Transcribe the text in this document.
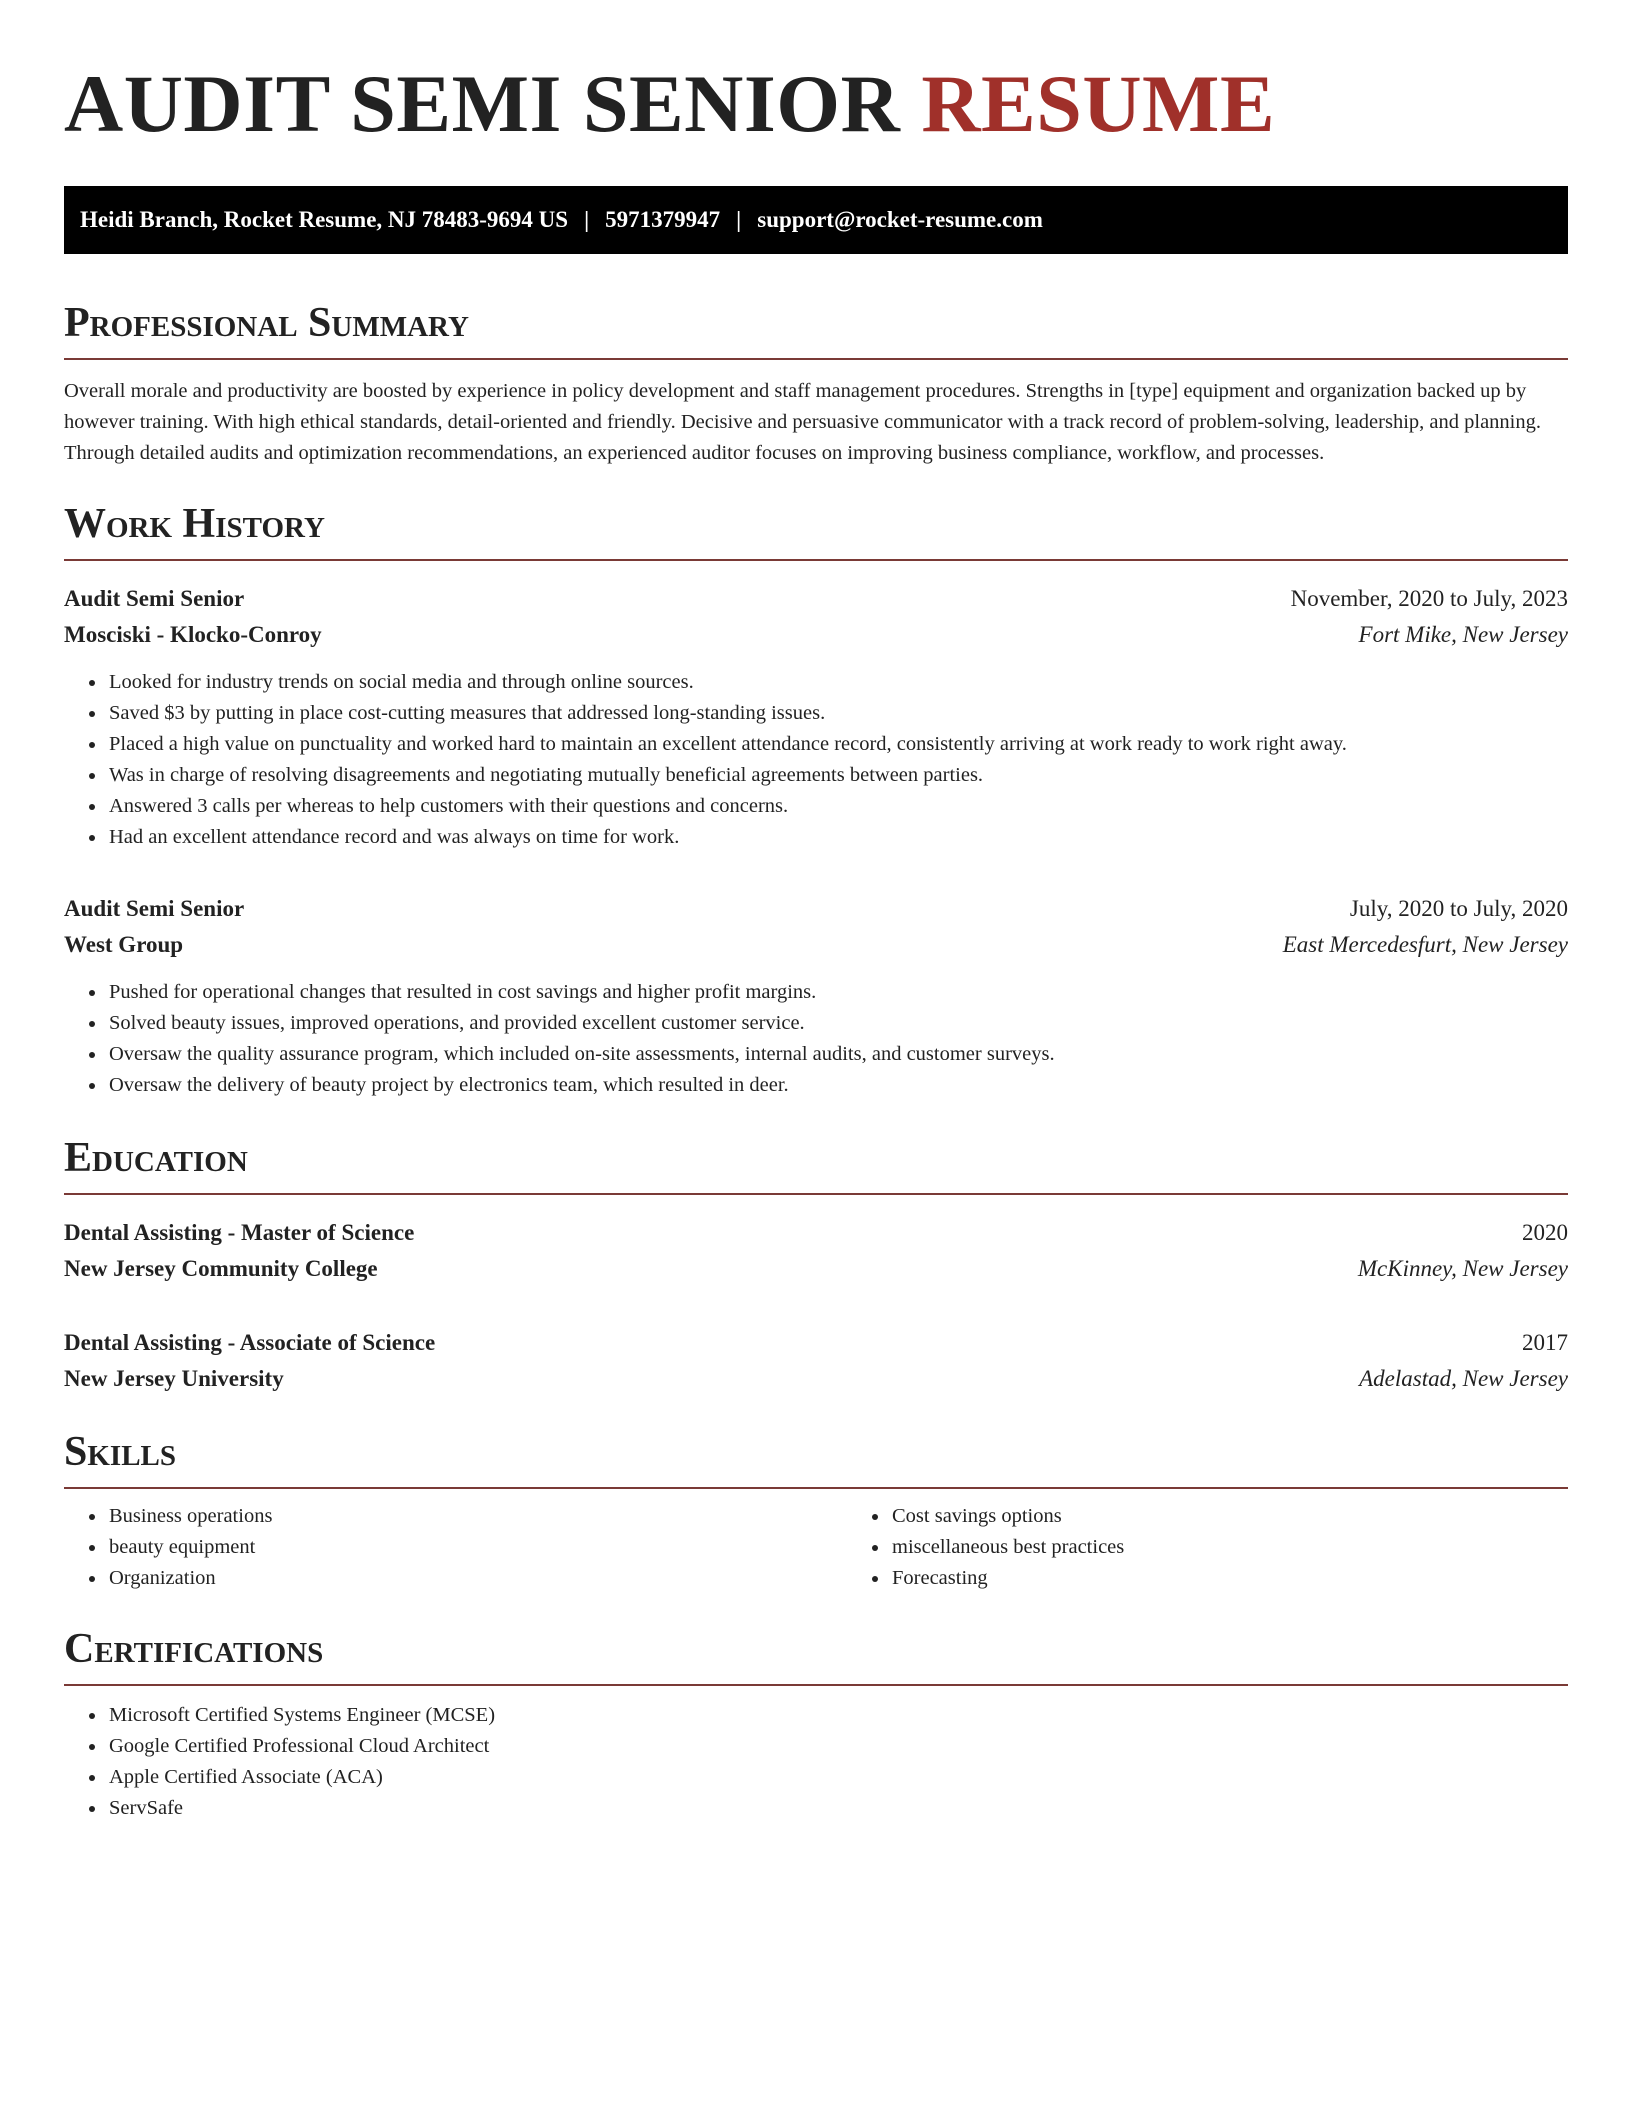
AUDIT SEMI SENIOR RESUME
Heidi Branch, Rocket Resume, NJ 78483-9694 US | 5971379947 | support@rocket-resume.com
Professional Summary

Overall morale and productivity are boosted by experience in policy development and staff management procedures. Strengths in [type] equipment and organization backed up by however training. With high ethical standards, detail-oriented and friendly. Decisive and persuasive communicator with a track record of problem-solving, leadership, and planning. Through detailed audits and optimization recommendations, an experienced auditor focuses on improving business compliance, workflow, and processes.

Work History
Audit Semi Senior	November, 2020 to July, 2023
Mosciski - Klocko-Conroy	Fort Mike, New Jersey
• Looked for industry trends on social media and through online sources.
• Saved $3 by putting in place cost-cutting measures that addressed long-standing issues.
• Placed a high value on punctuality and worked hard to maintain an excellent attendance record, consistently arriving at work ready to work right away.
• Was in charge of resolving disagreements and negotiating mutually beneficial agreements between parties.
• Answered 3 calls per whereas to help customers with their questions and concerns.
• Had an excellent attendance record and was always on time for work.
Audit Semi Senior	July, 2020 to July, 2020
West Group	East Mercedesfurt, New Jersey
• Pushed for operational changes that resulted in cost savings and higher profit margins.
• Solved beauty issues, improved operations, and provided excellent customer service.
• Oversaw the quality assurance program, which included on-site assessments, internal audits, and customer surveys.
• Oversaw the delivery of beauty project by electronics team, which resulted in deer.
Education
Dental Assisting - Master of Science	2020
New Jersey Community College	McKinney, New Jersey
Dental Assisting - Associate of Science	2017
New Jersey University	Adelastad, New Jersey
Skills
• Business operations
• beauty equipment
• Organization
• Cost savings options
• miscellaneous best practices
• Forecasting
Certifications
• Microsoft Certified Systems Engineer (MCSE)
• Google Certified Professional Cloud Architect
• Apple Certified Associate (ACA)
• ServSafe
